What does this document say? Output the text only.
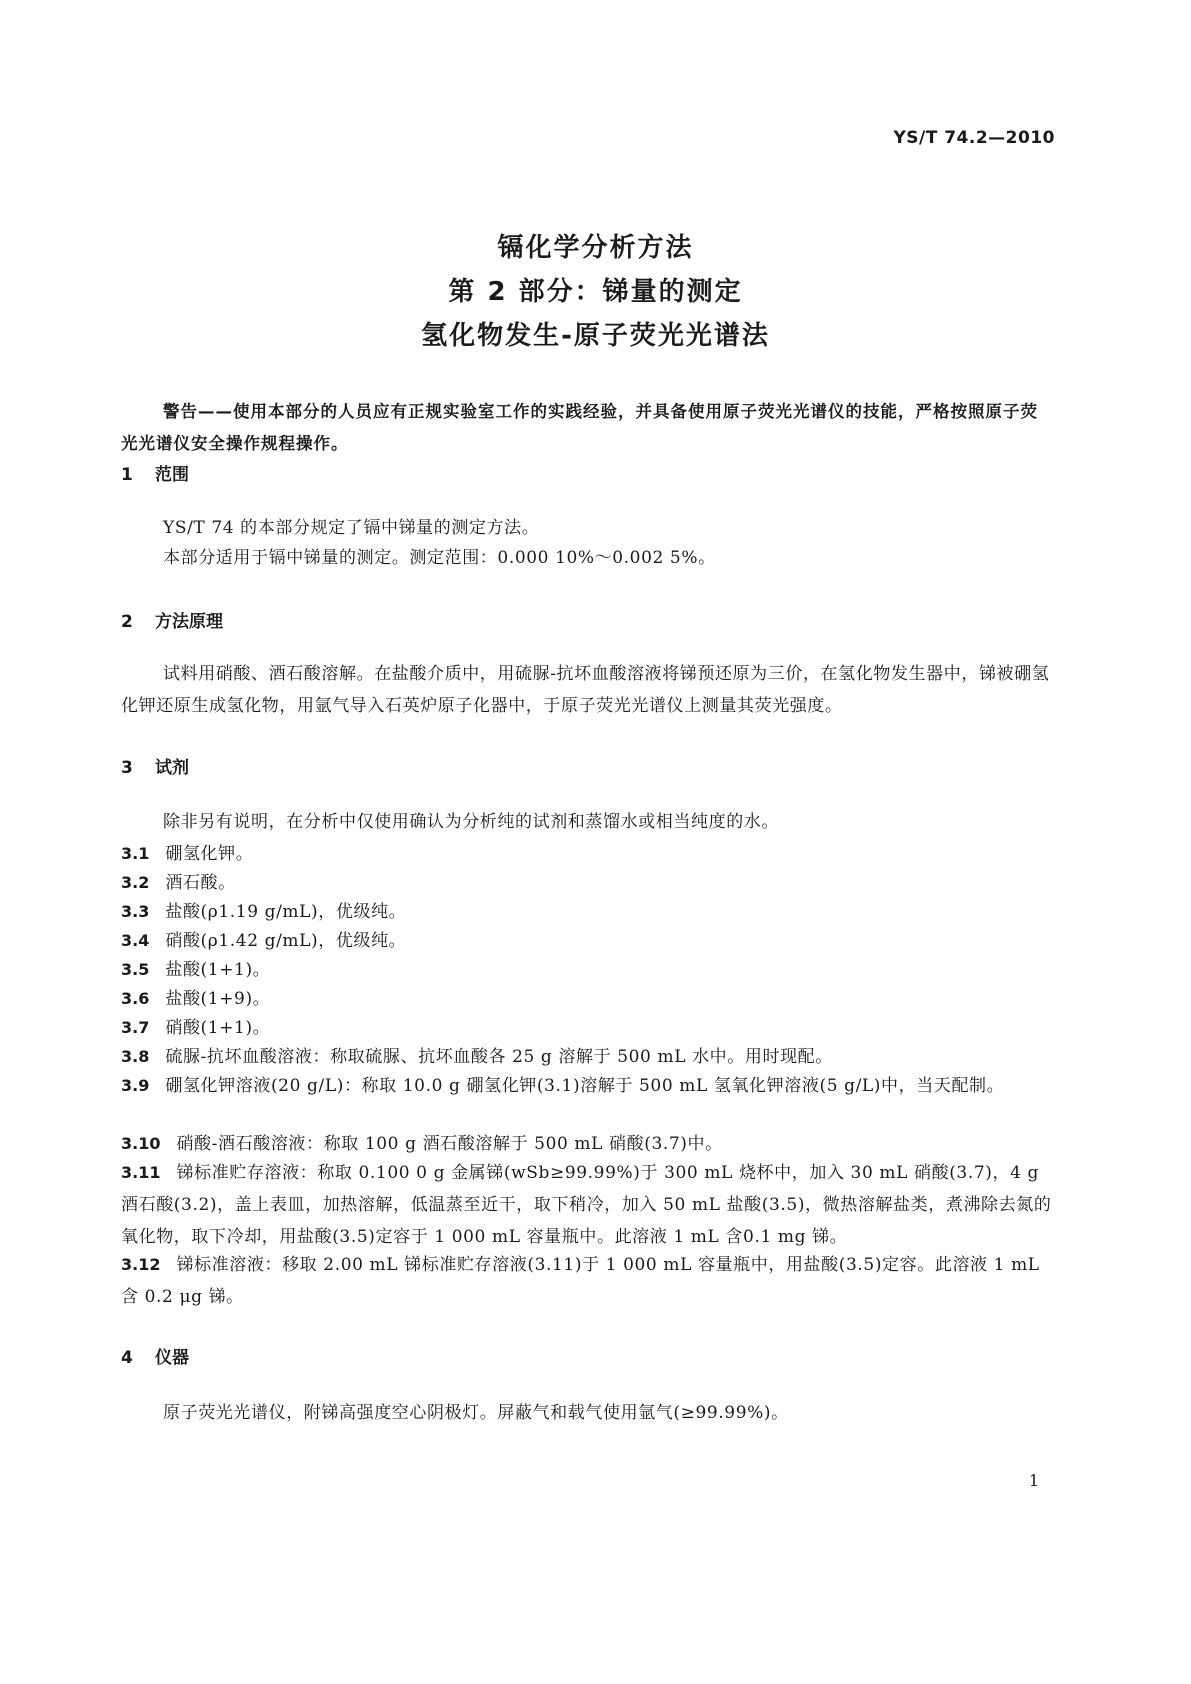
YS/T 74.2—2010
镉化学分析方法
第 2 部分：锑量的测定
氢化物发生-原子荧光光谱法
警告——使用本部分的人员应有正规实验室工作的实践经验，并具备使用原子荧光光谱仪的技能，严格按照原子荧光光谱仪安全操作规程操作。
1 范围
YS/T 74 的本部分规定了镉中锑量的测定方法。
本部分适用于镉中锑量的测定。测定范围：0.000 10%～0.002 5%。
2 方法原理
试料用硝酸、酒石酸溶解。在盐酸介质中，用硫脲-抗坏血酸溶液将锑预还原为三价，在氢化物发生器中，锑被硼氢化钾还原生成氢化物，用氩气导入石英炉原子化器中，于原子荧光光谱仪上测量其荧光强度。
3 试剂
除非另有说明，在分析中仅使用确认为分析纯的试剂和蒸馏水或相当纯度的水。
3.1 硼氢化钾。
3.2 酒石酸。
3.3 盐酸(ρ1.19 g/mL)，优级纯。
3.4 硝酸(ρ1.42 g/mL)，优级纯。
3.5 盐酸(1+1)。
3.6 盐酸(1+9)。
3.7 硝酸(1+1)。
3.8 硫脲-抗坏血酸溶液：称取硫脲、抗坏血酸各 25 g 溶解于 500 mL 水中。用时现配。
3.9 硼氢化钾溶液(20 g/L)：称取 10.0 g 硼氢化钾(3.1)溶解于 500 mL 氢氧化钾溶液(5 g/L)中，当天配制。
3.10 硝酸-酒石酸溶液：称取 100 g 酒石酸溶解于 500 mL 硝酸(3.7)中。
3.11 锑标准贮存溶液：称取 0.100 0 g 金属锑(wSb≥99.99%)于 300 mL 烧杯中，加入 30 mL 硝酸(3.7)，4 g 酒石酸(3.2)，盖上表皿，加热溶解，低温蒸至近干，取下稍冷，加入 50 mL 盐酸(3.5)，微热溶解盐类，煮沸除去氮的氧化物，取下冷却，用盐酸(3.5)定容于 1 000 mL 容量瓶中。此溶液 1 mL 含0.1 mg 锑。
3.12 锑标准溶液：移取 2.00 mL 锑标准贮存溶液(3.11)于 1 000 mL 容量瓶中，用盐酸(3.5)定容。此溶液 1 mL 含 0.2 μg 锑。
4 仪器
原子荧光光谱仪，附锑高强度空心阴极灯。屏蔽气和载气使用氩气(≥99.99%)。
1
